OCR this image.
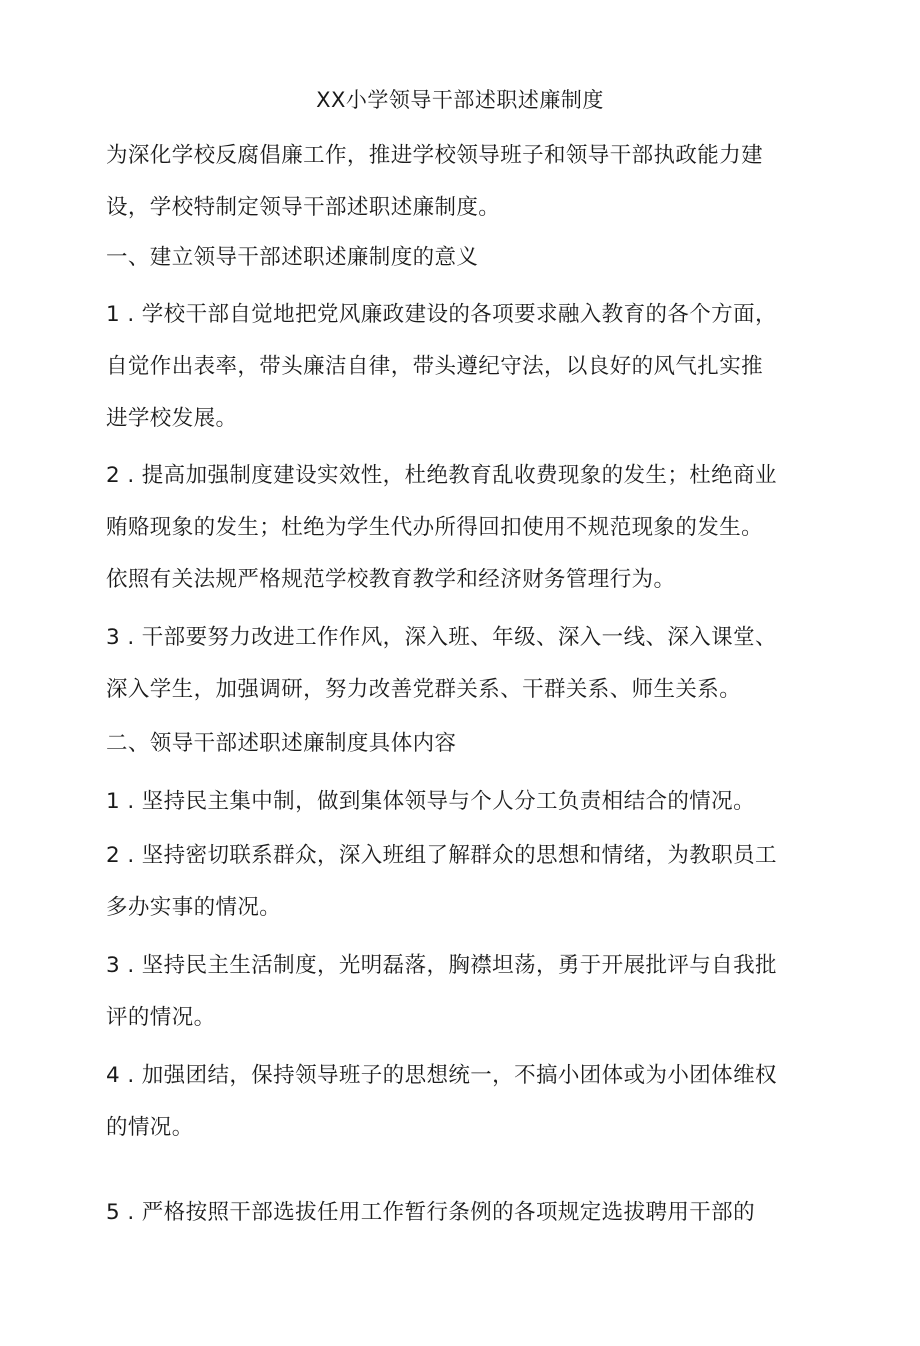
XX小学领导干部述职述廉制度

为深化学校反腐倡廉工作，推进学校领导班子和领导干部执政能力建
设，学校特制定领导干部述职述廉制度。

一、建立领导干部述职述廉制度的意义

1 . 学校干部自觉地把党风廉政建设的各项要求融入教育的各个方面，
自觉作出表率，带头廉洁自律，带头遵纪守法，以良好的风气扎实推
进学校发展。

2 . 提高加强制度建设实效性，杜绝教育乱收费现象的发生；杜绝商业
贿赂现象的发生；杜绝为学生代办所得回扣使用不规范现象的发生。
依照有关法规严格规范学校教育教学和经济财务管理行为。

3 . 干部要努力改进工作作风，深入班、年级、深入一线、深入课堂、
深入学生，加强调研，努力改善党群关系、干群关系、师生关系。

二、领导干部述职述廉制度具体内容

1 . 坚持民主集中制，做到集体领导与个人分工负责相结合的情况。

2 . 坚持密切联系群众，深入班组了解群众的思想和情绪，为教职员工
多办实事的情况。

3 . 坚持民主生活制度，光明磊落，胸襟坦荡，勇于开展批评与自我批
评的情况。

4 . 加强团结，保持领导班子的思想统一，不搞小团体或为小团体维权
的情况。

5 . 严格按照干部选拔任用工作暂行条例的各项规定选拔聘用干部的
